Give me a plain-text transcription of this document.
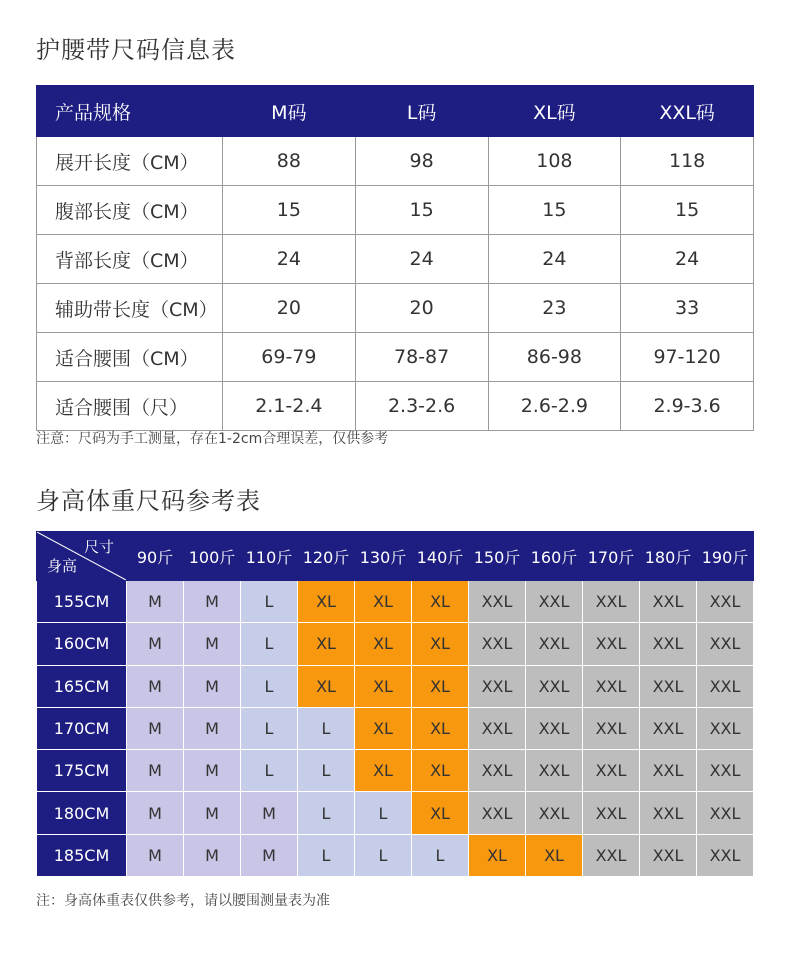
护腰带尺码信息表
产品规格	M码	L码	XL码	XXL码
展开长度（CM）	88	98	108	118
腹部长度（CM）	15	15	15	15
背部长度（CM）	24	24	24	24
辅助带长度（CM）	20	20	23	33
适合腰围（CM）	69-79	78-87	86-98	97-120
适合腰围（尺）	2.1-2.4	2.3-2.6	2.6-2.9	2.9-3.6
注意：尺码为手工测量，存在1-2cm合理误差，仅供参考
身高体重尺码参考表
尺寸
身高	90斤	100斤	110斤	120斤	130斤	140斤	150斤	160斤	170斤	180斤	190斤
155CM	M	M	L	XL	XL	XL	XXL	XXL	XXL	XXL	XXL
160CM	M	M	L	XL	XL	XL	XXL	XXL	XXL	XXL	XXL
165CM	M	M	L	XL	XL	XL	XXL	XXL	XXL	XXL	XXL
170CM	M	M	L	L	XL	XL	XXL	XXL	XXL	XXL	XXL
175CM	M	M	L	L	XL	XL	XXL	XXL	XXL	XXL	XXL
180CM	M	M	M	L	L	XL	XXL	XXL	XXL	XXL	XXL
185CM	M	M	M	L	L	L	XL	XL	XXL	XXL	XXL
注：身高体重表仅供参考，请以腰围测量表为准
